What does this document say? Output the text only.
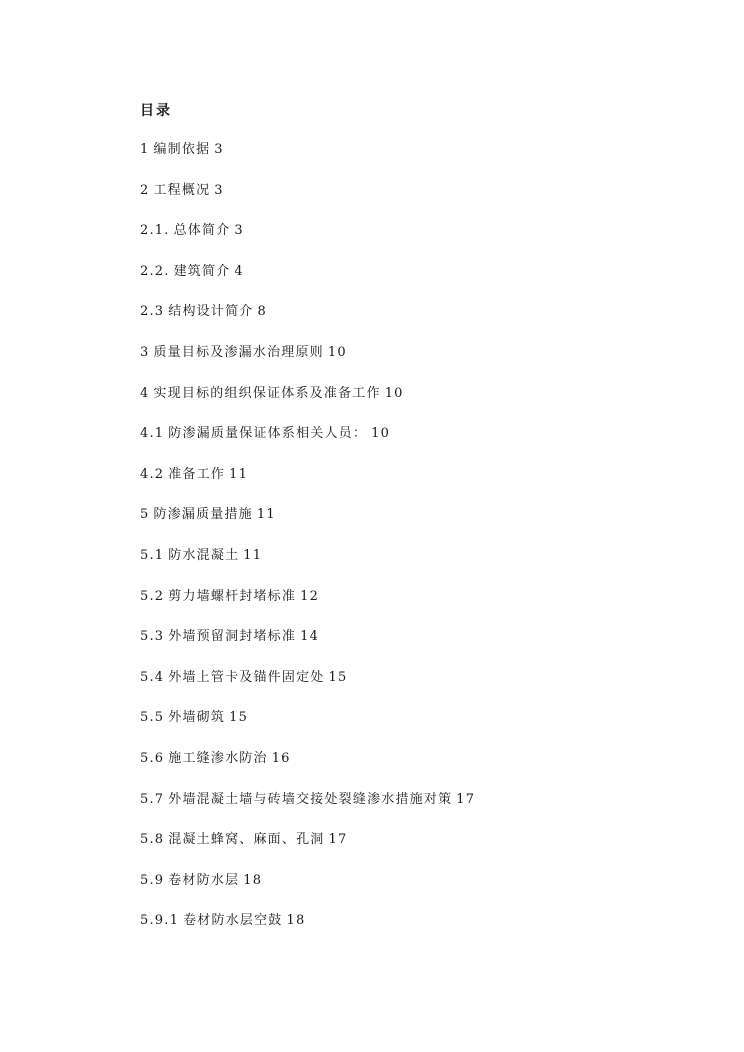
目录
1 编制依据 3
2 工程概况 3
2.1. 总体简介 3
2.2. 建筑简介 4
2.3 结构设计简介 8
3 质量目标及渗漏水治理原则 10
4 实现目标的组织保证体系及准备工作 10
4.1 防渗漏质量保证体系相关人员： 10
4.2 准备工作 11
5 防渗漏质量措施 11
5.1 防水混凝土 11
5.2 剪力墙螺杆封堵标准 12
5.3 外墙预留洞封堵标准 14
5.4 外墙上管卡及锚件固定处 15
5.5 外墙砌筑 15
5.6 施工缝渗水防治 16
5.7 外墙混凝土墙与砖墙交接处裂缝渗水措施对策 17
5.8 混凝土蜂窝、麻面、孔洞 17
5.9 卷材防水层 18
5.9.1 卷材防水层空鼓 18
